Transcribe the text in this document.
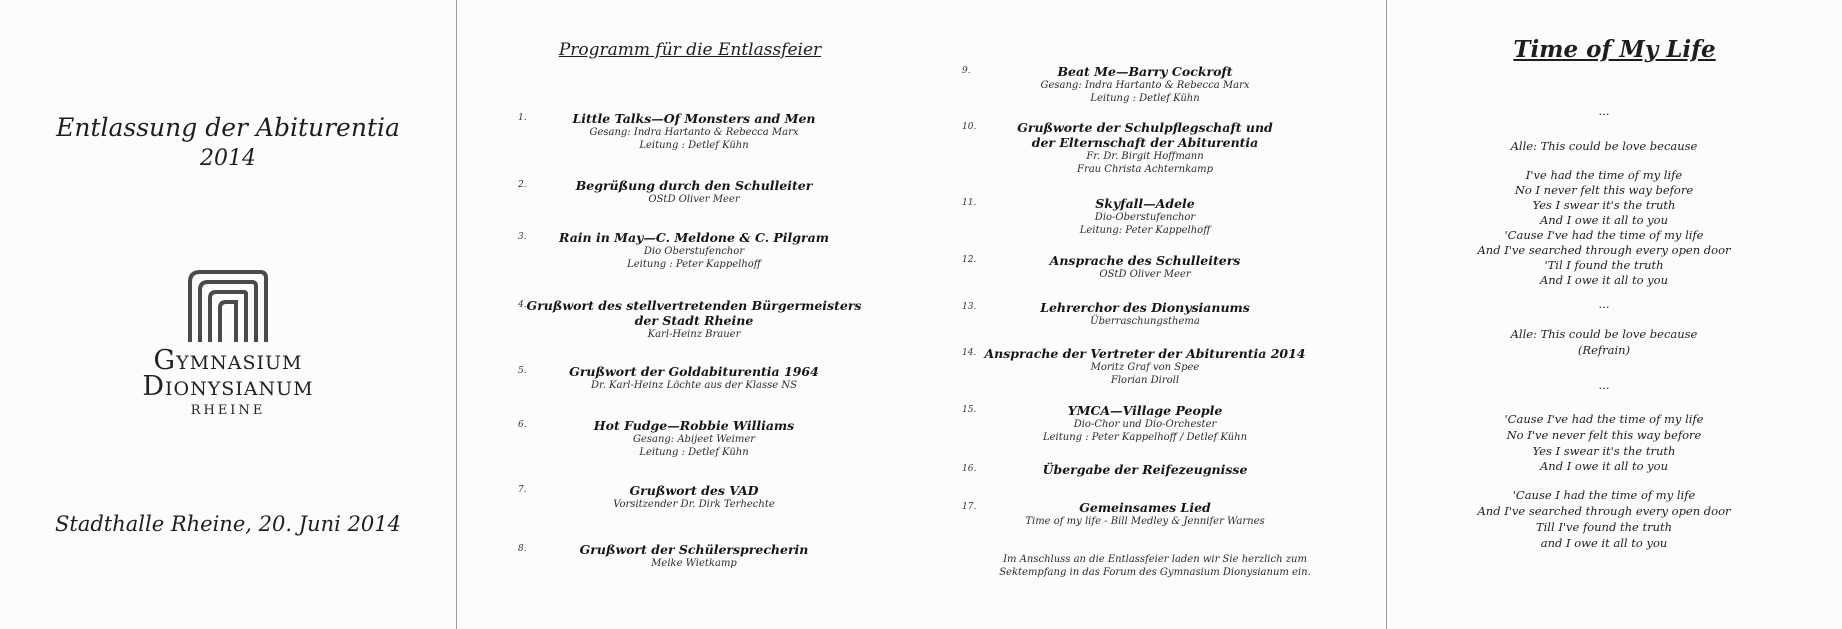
Entlassung der Abiturentia
2014
Gymnasium
Dionysianum
RHEINE
Stadthalle Rheine, 20. Juni 2014
Programm für die Entlassfeier
1.	Little Talks—Of Monsters and Men
Gesang: Indra Hartanto & Rebecca Marx
Leitung : Detlef Kühn
2.	Begrüßung durch den Schulleiter
OStD Oliver Meer
3.	Rain in May—C. Meldone & C. Pilgram
Dio Oberstufenchor
Leitung : Peter Kappelhoff
4. Grußwort des stellvertretenden Bürgermeisters
der Stadt Rheine
Karl-Heinz Brauer
5.	Grußwort der Goldabiturentia 1964
Dr. Karl-Heinz Löchte aus der Klasse NS
6.	Hot Fudge—Robbie Williams
Gesang: Abijeet Weimer
Leitung : Detlef Kühn
7.	Grußwort des VAD
Vorsitzender Dr. Dirk Terhechte
8.	Grußwort der Schülersprecherin
Meike Wietkamp
9.	Beat Me—Barry Cockroft
Gesang: Indra Hartanto & Rebecca Marx
Leitung : Detlef Kühn
10.	Grußworte der Schulpflegschaft und
der Elternschaft der Abiturentia
Fr. Dr. Birgit Hoffmann
Frau Christa Achternkamp
11.	Skyfall—Adele
Dio-Oberstufenchor
Leitung: Peter Kappelhoff
12.	Ansprache des Schulleiters
OStD Oliver Meer
13.	Lehrerchor des Dionysianums
Überraschungsthema
14. Ansprache der Vertreter der Abiturentia 2014
Moritz Graf von Spee
Florian Diroll
15.	YMCA—Village People
Dio-Chor und Dio-Orchester
Leitung : Peter Kappelhoff / Detlef Kühn
16.	Übergabe der Reifezeugnisse
17.	Gemeinsames Lied
Time of my life - Bill Medley & Jennifer Warnes
Im Anschluss an die Entlassfeier laden wir Sie herzlich zum
Sektempfang in das Forum des Gymnasium Dionysianum ein.
Time of My Life
...
Alle: This could be love because
I've had the time of my life
No I never felt this way before
Yes I swear it's the truth
And I owe it all to you
'Cause I've had the time of my life
And I've searched through every open door
'Til I found the truth
And I owe it all to you
...
Alle: This could be love because
(Refrain)
...
'Cause I've had the time of my life
No I've never felt this way before
Yes I swear it's the truth
And I owe it all to you
'Cause I had the time of my life
And I've searched through every open door
Till I've found the truth
and I owe it all to you
